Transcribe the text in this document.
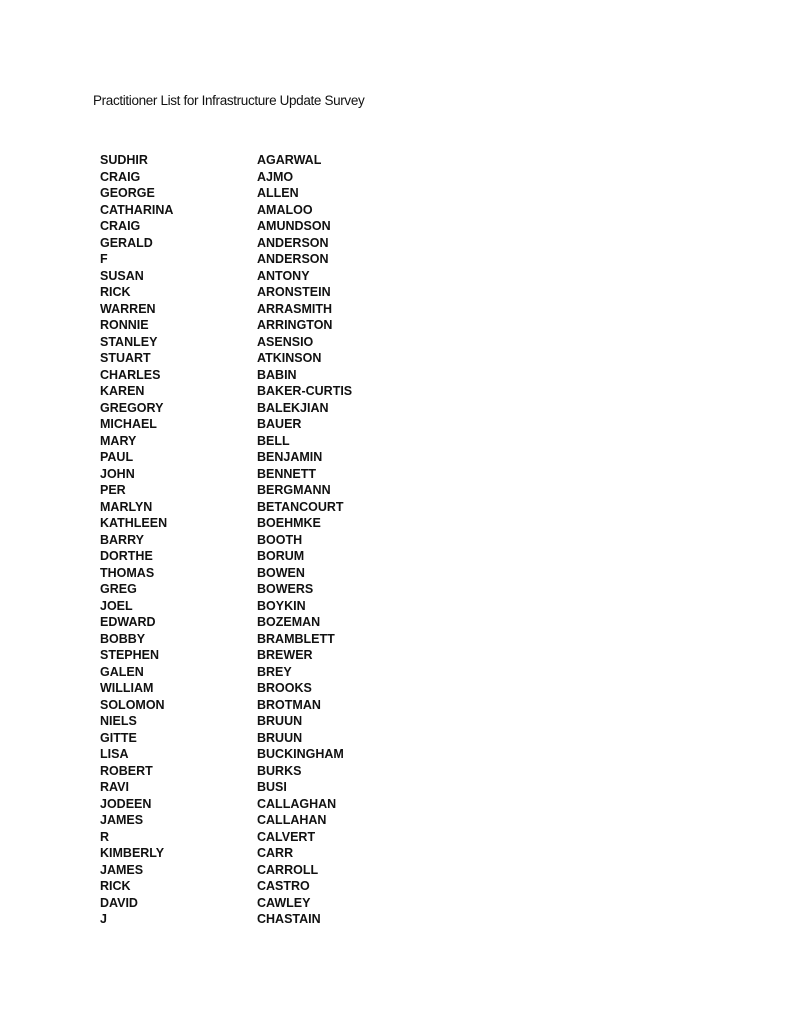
Practitioner List for Infrastructure Update Survey
SUDHIR	AGARWAL
CRAIG	AJMO
GEORGE	ALLEN
CATHARINA	AMALOO
CRAIG	AMUNDSON
GERALD	ANDERSON
F	ANDERSON
SUSAN	ANTONY
RICK	ARONSTEIN
WARREN	ARRASMITH
RONNIE	ARRINGTON
STANLEY	ASENSIO
STUART	ATKINSON
CHARLES	BABIN
KAREN	BAKER-CURTIS
GREGORY	BALEKJIAN
MICHAEL	BAUER
MARY	BELL
PAUL	BENJAMIN
JOHN	BENNETT
PER	BERGMANN
MARLYN	BETANCOURT
KATHLEEN	BOEHMKE
BARRY	BOOTH
DORTHE	BORUM
THOMAS	BOWEN
GREG	BOWERS
JOEL	BOYKIN
EDWARD	BOZEMAN
BOBBY	BRAMBLETT
STEPHEN	BREWER
GALEN	BREY
WILLIAM	BROOKS
SOLOMON	BROTMAN
NIELS	BRUUN
GITTE	BRUUN
LISA	BUCKINGHAM
ROBERT	BURKS
RAVI	BUSI
JODEEN	CALLAGHAN
JAMES	CALLAHAN
R	CALVERT
KIMBERLY	CARR
JAMES	CARROLL
RICK	CASTRO
DAVID	CAWLEY
J	CHASTAIN
